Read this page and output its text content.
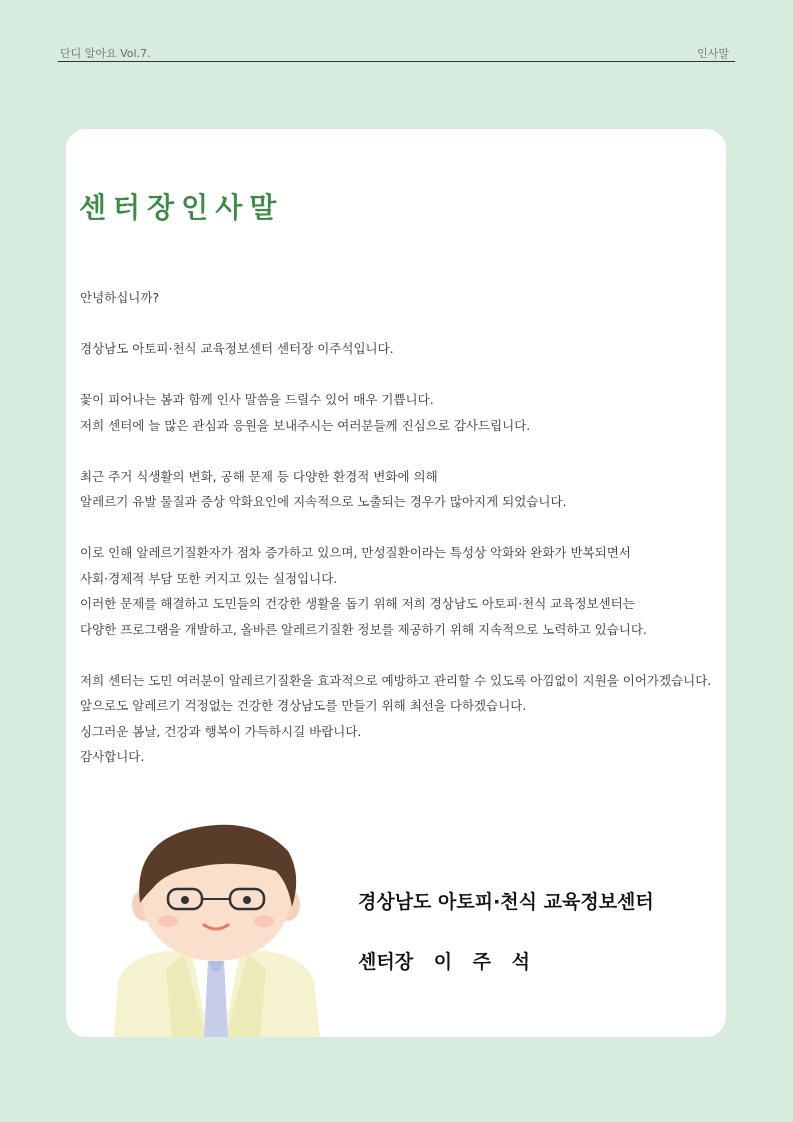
단디 알아요 Vol.7.	인사말
센터장인사말

안녕하십니까?

경상남도 아토피·천식 교육정보센터 센터장 이주석입니다.

꽃이 피어나는 봄과 함께 인사 말씀을 드릴수 있어 매우 기쁩니다.
저희 센터에 늘 많은 관심과 응원을 보내주시는 여러분들께 진심으로 감사드립니다.

최근 주거 식생활의 변화, 공해 문제 등 다양한 환경적 변화에 의해
알레르기 유발 물질과 증상 악화요인에 지속적으로 노출되는 경우가 많아지게 되었습니다.

이로 인해 알레르기질환자가 점차 증가하고 있으며, 만성질환이라는 특성상 악화와 완화가 반복되면서
사회·경제적 부담 또한 커지고 있는 실정입니다.
이러한 문제를 해결하고 도민들의 건강한 생활을 돕기 위해 저희 경상남도 아토피·천식 교육정보센터는
다양한 프로그램을 개발하고, 올바른 알레르기질환 정보를 제공하기 위해 지속적으로 노력하고 있습니다.

저희 센터는 도민 여러분이 알레르기질환을 효과적으로 예방하고 관리할 수 있도록 아낌없이 지원을 이어가겠습니다.
앞으로도 알레르기 걱정없는 건강한 경상남도를 만들기 위해 최선을 다하겠습니다.
싱그러운 봄날, 건강과 행복이 가득하시길 바랍니다.
감사합니다.

경상남도 아토피·천식 교육정보센터
센터장 이 주 석
